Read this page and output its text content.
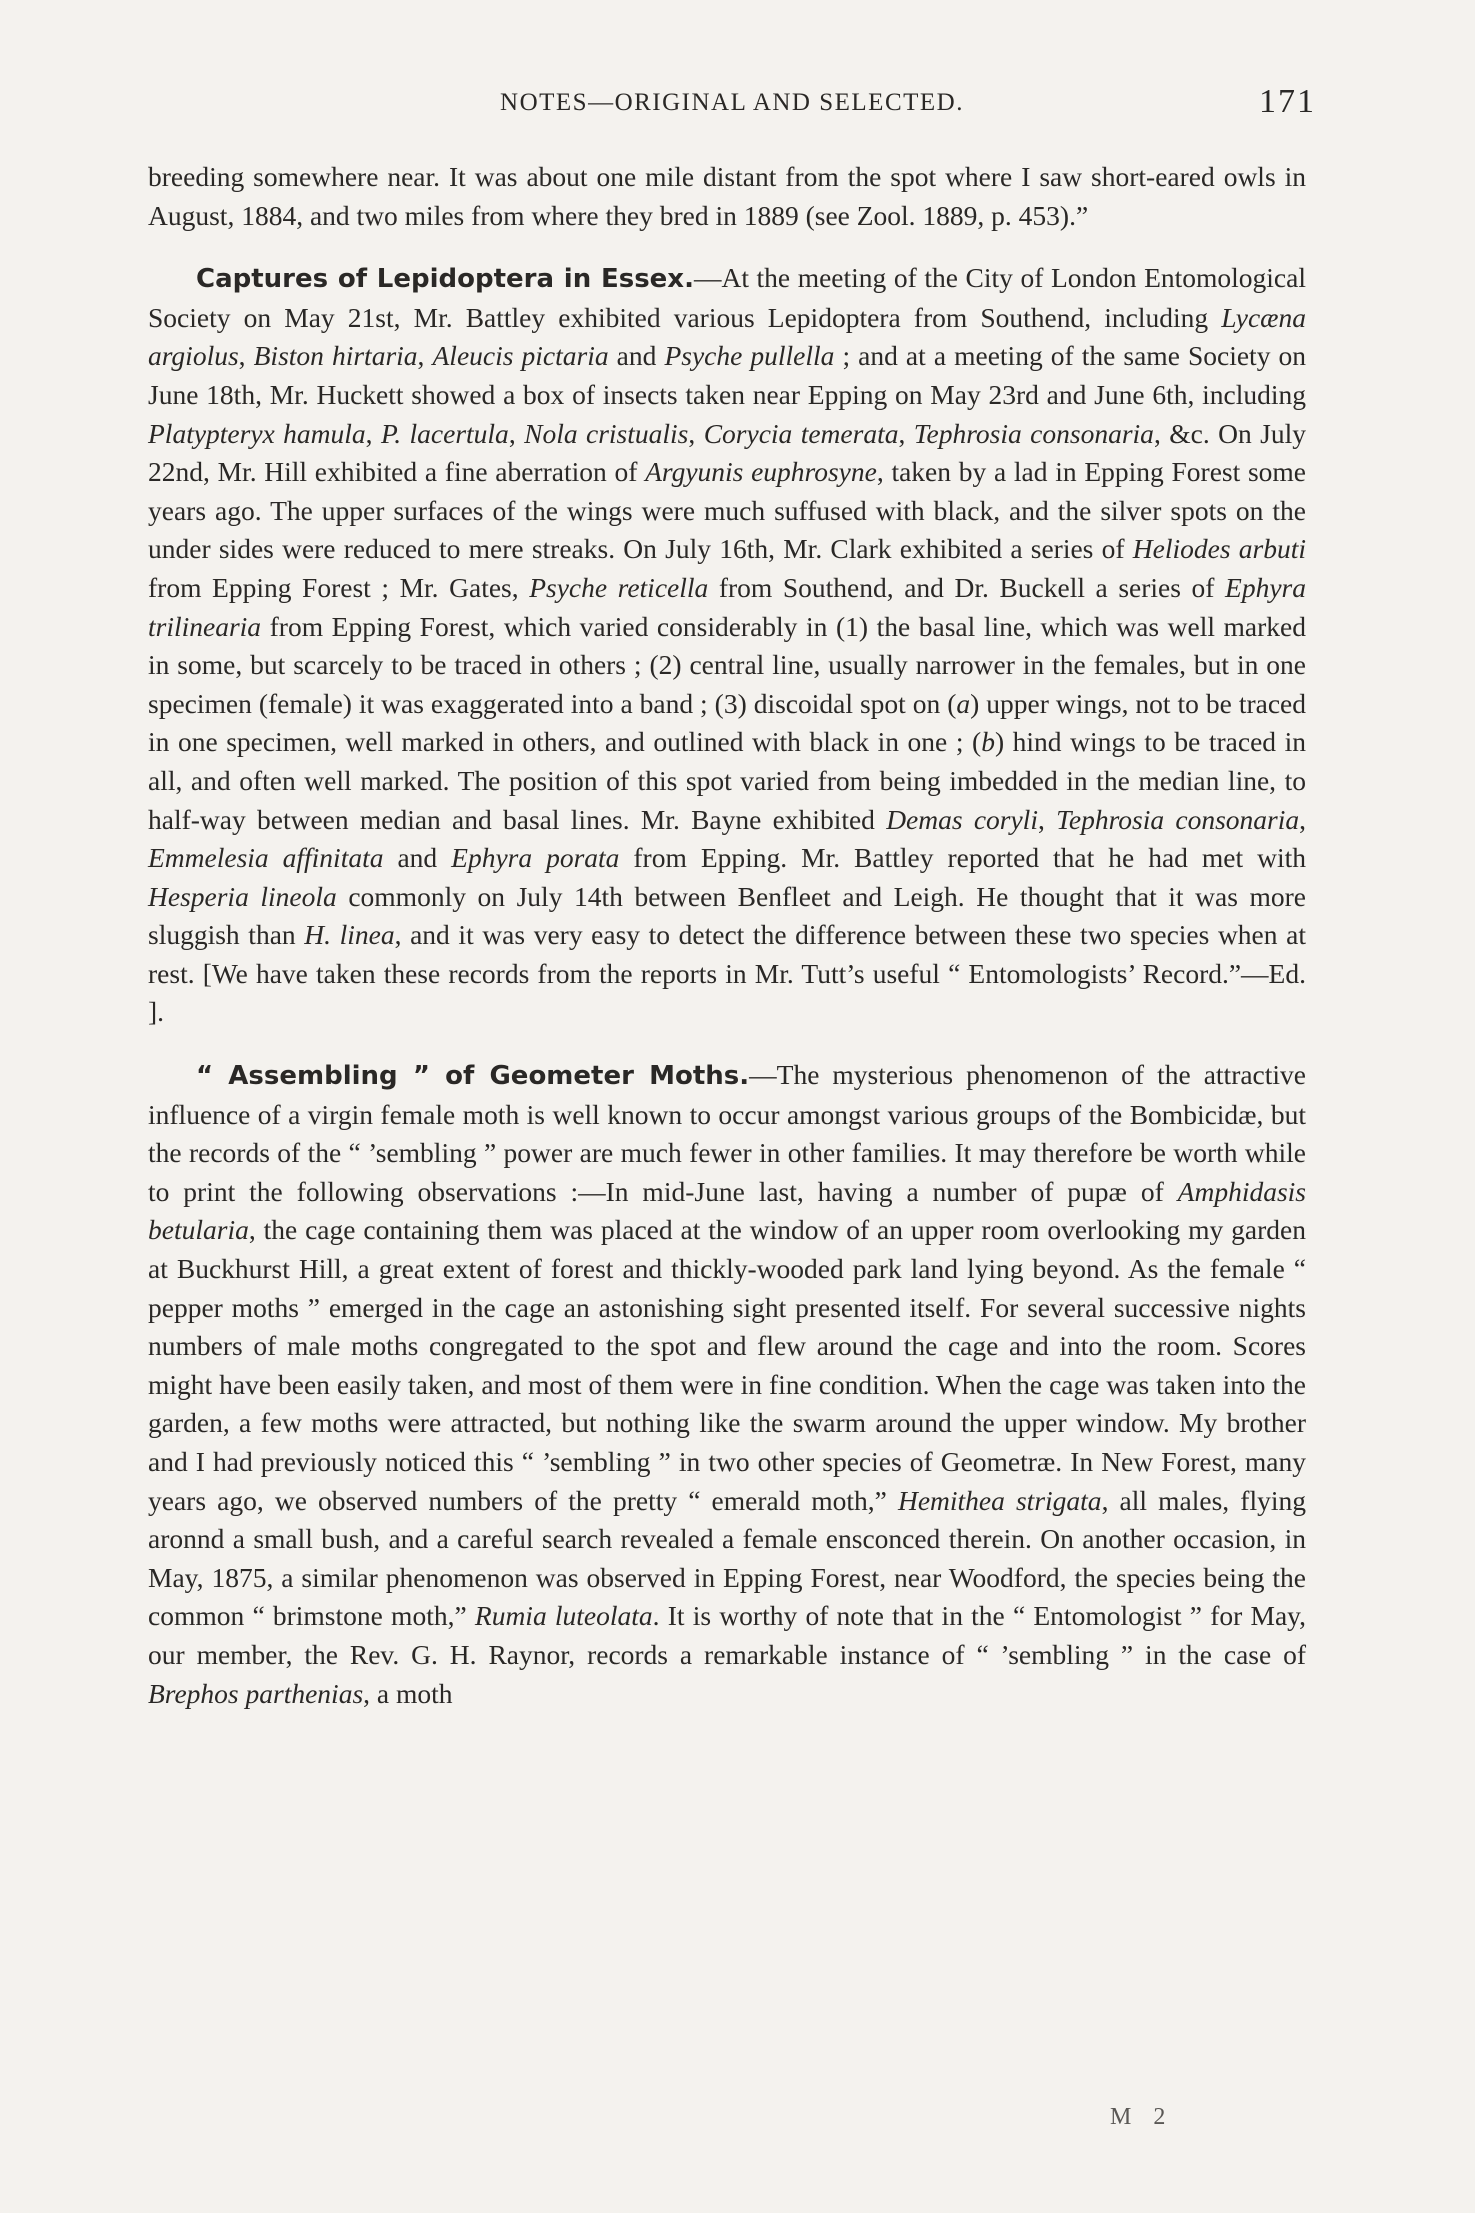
NOTES—ORIGINAL AND SELECTED.	171

breeding somewhere near. It was about one mile distant from the spot where I saw short-eared owls in August, 1884, and two miles from where they bred in 1889 (see Zool. 1889, p. 453).”

Captures of Lepidoptera in Essex.—At the meeting of the City of London Entomological Society on May 21st, Mr. Battley exhibited various Lepidoptera from Southend, including Lycæna argiolus, Biston hirtaria, Aleucis pictaria and Psyche pullella ; and at a meeting of the same Society on June 18th, Mr. Huckett showed a box of insects taken near Epping on May 23rd and June 6th, including Platypteryx hamula, P. lacertula, Nola cristualis, Corycia temerata, Tephrosia consonaria, &c. On July 22nd, Mr. Hill exhibited a fine aberration of Argyunis euphrosyne, taken by a lad in Epping Forest some years ago. The upper surfaces of the wings were much suffused with black, and the silver spots on the under sides were reduced to mere streaks. On July 16th, Mr. Clark exhibited a series of Heliodes arbuti from Epping Forest ; Mr. Gates, Psyche reticella from Southend, and Dr. Buckell a series of Ephyra trilinearia from Epping Forest, which varied considerably in (1) the basal line, which was well marked in some, but scarcely to be traced in others ; (2) central line, usually narrower in the females, but in one specimen (female) it was exaggerated into a band ; (3) discoidal spot on (a) upper wings, not to be traced in one specimen, well marked in others, and outlined with black in one ; (b) hind wings to be traced in all, and often well marked. The position of this spot varied from being imbedded in the median line, to half-way between median and basal lines. Mr. Bayne exhibited Demas coryli, Tephrosia consonaria, Emmelesia affinitata and Ephyra porata from Epping. Mr. Battley reported that he had met with Hesperia lineola commonly on July 14th between Benfleet and Leigh. He thought that it was more sluggish than H. linea, and it was very easy to detect the difference between these two species when at rest. [We have taken these records from the reports in Mr. Tutt’s useful “ Entomologists’ Record.”—Ed. ].

“ Assembling ” of Geometer Moths.—The mysterious phenomenon of the attractive influence of a virgin female moth is well known to occur amongst various groups of the Bombicidæ, but the records of the “ ’sembling ” power are much fewer in other families. It may therefore be worth while to print the following observations :—In mid-June last, having a number of pupæ of Amphidasis betularia, the cage containing them was placed at the window of an upper room overlooking my garden at Buckhurst Hill, a great extent of forest and thickly-wooded park land lying beyond. As the female “ pepper moths ” emerged in the cage an astonishing sight presented itself. For several successive nights numbers of male moths congregated to the spot and flew around the cage and into the room. Scores might have been easily taken, and most of them were in fine condition. When the cage was taken into the garden, a few moths were attracted, but nothing like the swarm around the upper window. My brother and I had previously noticed this “ ’sembling ” in two other species of Geometræ. In New Forest, many years ago, we observed numbers of the pretty “ emerald moth,” Hemithea strigata, all males, flying aronnd a small bush, and a careful search revealed a female ensconced therein. On another occasion, in May, 1875, a similar phenomenon was observed in Epping Forest, near Woodford, the species being the common “ brimstone moth,” Rumia luteolata. It is worthy of note that in the “ Entomologist ” for May, our member, the Rev. G. H. Raynor, records a remarkable instance of “ ’sembling ” in the case of Brephos parthenias, a moth

M 2
